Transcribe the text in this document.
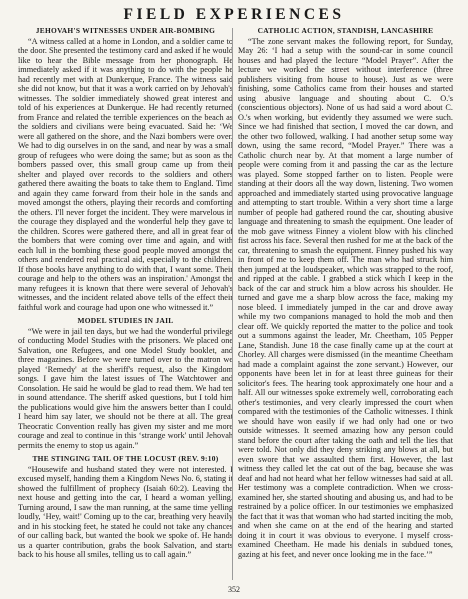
FIELD EXPERIENCES
JEHOVAH'S WITNESSES UNDER AIR-BOMBING

“A witness called at a home in London, and a soldier came to the door. She presented the testimony card and asked if he would like to hear the Bible message from her phonograph. He immediately asked if it was anything to do with the people he had recently met with at Dunkerque, France. The witness said she did not know, but that it was a work carried on by Jehovah's witnesses. The soldier immediately showed great interest and told of his experiences at Dunkerque. He had recently returned from France and related the terrible experiences on the beach as the soldiers and civilians were being evacuated. Said he: ‘We were all gathered on the shore, and the Nazi bombers were over. We had to dig ourselves in on the sand, and near by was a small group of refugees who were doing the same; but as soon as the bombers passed over, this small group came up from their shelter and played over records to the soldiers and others gathered there awaiting the boats to take them to England. Time and again they came forward from their hole in the sands and moved amongst the others, playing their records and comforting the others. I'll never forget the incident. They were marvelous in the courage they displayed and the wonderful help they gave to the children. Scores were gathered there, and all in great fear of the bombers that were coming over time and again, and with each lull in the bombing these good people moved amongst the others and rendered real practical aid, especially to the children. If those books have anything to do with that, I want some. Their courage and help to the others was an inspiration.' Amongst the many refugees it is known that there were several of Jehovah's witnesses, and the incident related above tells of the effect their faithful work and courage had upon one who witnessed it.”

MODEL STUDIES IN JAIL

“We were in jail ten days, but we had the wonderful privilege of conducting Model Studies with the prisoners. We placed one Salvation, one Refugees, and one Model Study booklet, and three magazines. Before we were turned over to the matron we played ‘Remedy' at the sheriff's request, also the Kingdom songs. I gave him the latest issues of The Watchtower and Consolation. He said he would be glad to read them. We had ten in sound attendance. The sheriff asked questions, but I told him the publications would give him the answers better than I could. I heard him say later, we should not be there at all. The great Theocratic Convention really has given my sister and me more courage and zeal to continue in this ‘strange work' until Jehovah permits the enemy to stop us again.”

THE STINGING TAIL OF THE LOCUST (REV. 9:10)

“Housewife and husband stated they were not interested. I excused myself, handing them a Kingdom News No. 6, stating it showed the fulfillment of prophecy (Isaiah 60:2). Leaving the next house and getting into the car, I heard a woman yelling. Turning around, I saw the man running, at the same time yelling loudly, ‘Hey, wait!' Coming up to the car, breathing very heavily and in his stocking feet, he stated he could not take any chances of our calling back, but wanted the book we spoke of. He hands us a quarter contribution, grabs the book Salvation, and starts back to his house all smiles, telling us to call again.”

CATHOLIC ACTION, STANDISH, LANCASHIRE

“The zone servant makes the following report, for Sunday, May 26: ‘I had a setup with the sound-car in some council houses and had played the lecture “Model Prayer”. After the lecture we worked the street without interference (three publishers visiting from house to house). Just as we were finishing, some Catholics came from their houses and started using abusive language and shouting about C. O.'s (conscientious objectors). None of us had said a word about C. O.'s when working, but evidently they assumed we were such. Since we had finished that section, I moved the car down, and the other two followed, walking. I had another setup some way down, using the same record, “Model Prayer.” There was a Catholic church near by. At that moment a large number of people were coming from it and passing the car as the lecture was played. Some stopped farther on to listen. People were standing at their doors all the way down, listening. Two women approached and immediately started using provocative language and attempting to start trouble. Within a very short time a large number of people had gathered round the car, shouting abusive language and threatening to smash the equipment. One leader of the mob gave witness Finney a violent blow with his clinched fist across his face. Several then rushed for me at the back of the car, threatening to smash the equipment. Finney pushed his way in front of me to keep them off. The man who had struck him then jumped at the loudspeaker, which was strapped to the roof, and ripped at the cable. I grabbed a stick which I keep in the back of the car and struck him a blow across his shoulder. He turned and gave me a sharp blow across the face, making my nose bleed. I immediately jumped in the car and drove away while my two companions managed to hold the mob and then clear off. We quickly reported the matter to the police and took out a summons against the leader, Mr. Cheetham, 105 Pepper Lane, Standish. June 18 the case finally came up at the court at Chorley. All charges were dismissed (in the meantime Cheetham had made a complaint against the zone servant.) However, our opponents have been let in for at least three guineas for their solicitor's fees. The hearing took approximately one hour and a half. All our witnesses spoke extremely well, corroborating each other's testimonies, and very clearly impressed the court when compared with the testimonies of the Catholic witnesses. I think we should have won easily if we had only had one or two outside witnesses. It seemed amazing how any person could stand before the court after taking the oath and tell the lies that were told. Not only did they deny striking any blows at all, but even swore that we assaulted them first. However, the last witness they called let the cat out of the bag, because she was deaf and had not heard what her fellow witnesses had said at all. Her testimony was a complete contradiction. When we cross-examined her, she started shouting and abusing us, and had to be restrained by a police officer. In our testimonies we emphasized the fact that it was that woman who had started inciting the mob, and when she came on at the end of the hearing and started doing it in court it was obvious to everyone. I myself cross-examined Cheetham. He made his denials in subdued tones, gazing at his feet, and never once looking me in the face.’”

352
